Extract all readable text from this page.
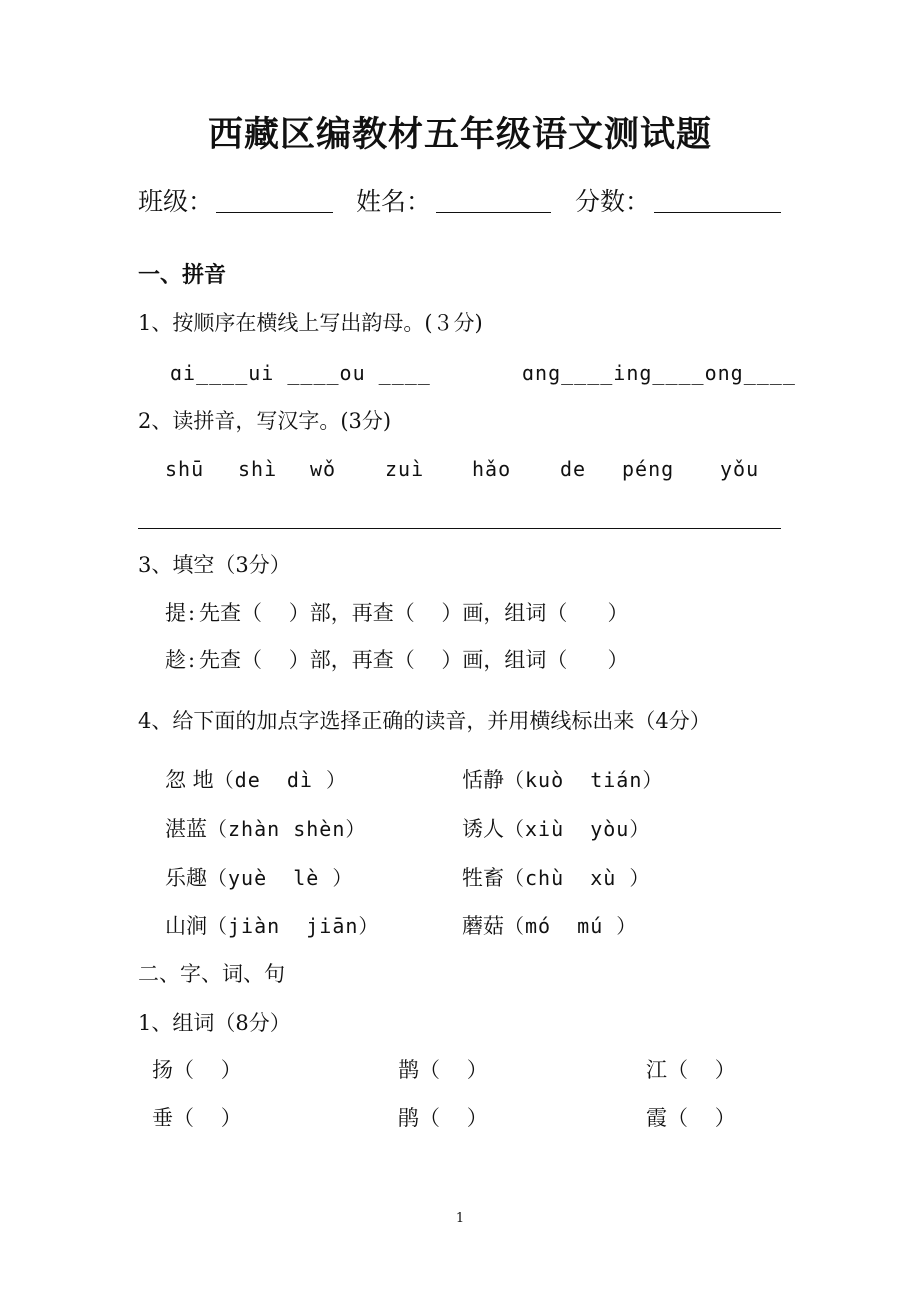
西藏区编教材五年级语文测试题
班级：	姓名：	分数：
一、拼音
1、按顺序在横线上写出韵母。(３分)
ɑi____ui ____ou ____	ɑng____ing____ong____
2、读拼音，写汉字。(3分)
shū shì wǒ zuì hǎo de péng yǒu
3、填空（3分）
提 : 先查（    ）部，再查（    ）画，组词（      ）
趁 : 先查（    ）部，再查（    ）画，组词（      ）
4、给下面的加点字选择正确的读音，并用横线标出来（4分）
忽 地（de  dì ）	恬静（kuò  tián）
湛蓝（zhàn shèn）	诱人（xiù  yòu）
乐趣（yuè  lè ）	牲畜（chù  xù ）
山涧（jiàn  jiān）	蘑菇（mó  mú ）
二、字、词、句
1、组词（8分）
扬（    ）	鹊（    ）	江（    ）
垂（    ）	鹃（    ）	霞（    ）
1
